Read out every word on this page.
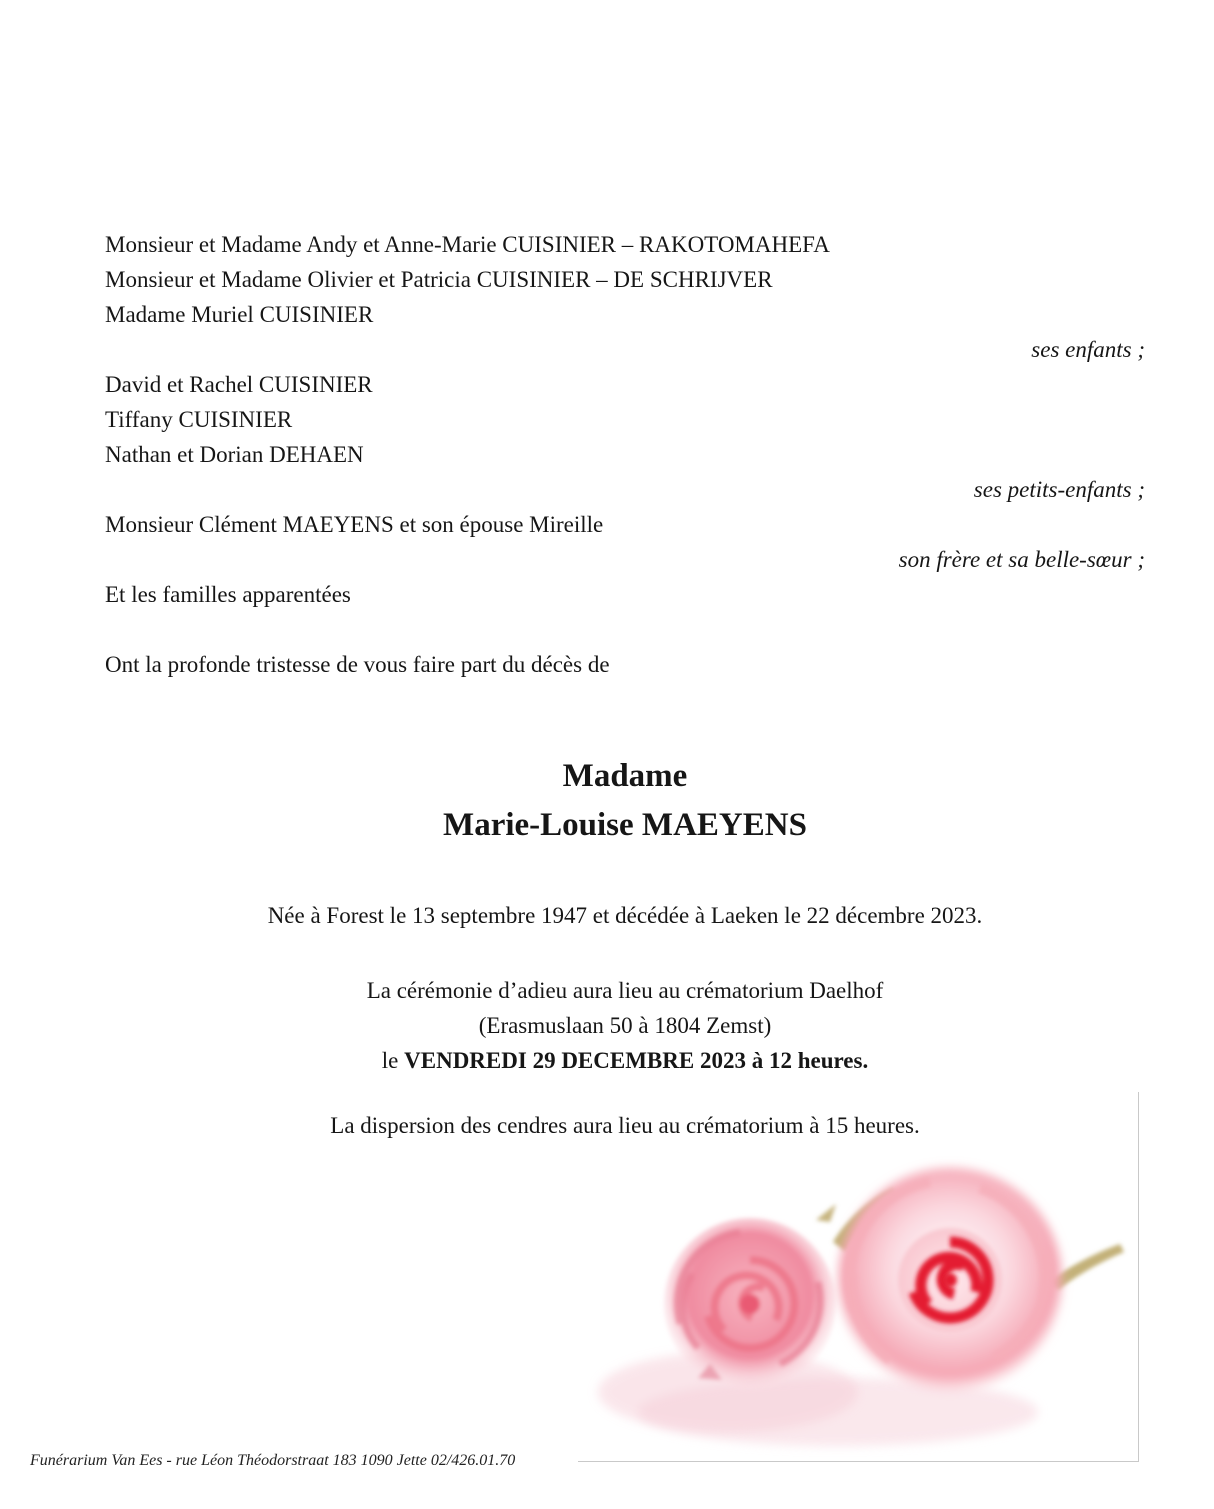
Monsieur et Madame Andy et Anne-Marie CUISINIER – RAKOTOMAHEFA
Monsieur et Madame Olivier et Patricia CUISINIER – DE SCHRIJVER
Madame Muriel CUISINIER
ses enfants ;
David et Rachel CUISINIER
Tiffany CUISINIER
Nathan et Dorian DEHAEN
ses petits-enfants ;
Monsieur Clément MAEYENS et son épouse Mireille
son frère et sa belle-sœur ;
Et les familles apparentées
Ont la profonde tristesse de vous faire part du décès de
Madame
Marie-Louise MAEYENS
Née à Forest le 13 septembre 1947 et décédée à Laeken le 22 décembre 2023.
La cérémonie d’adieu aura lieu au crématorium Daelhof
(Erasmuslaan 50 à 1804 Zemst)
le VENDREDI 29 DECEMBRE 2023 à 12 heures.
La dispersion des cendres aura lieu au crématorium à 15 heures.
Funérarium Van Ees - rue Léon Théodorstraat 183 1090 Jette 02/426.01.70
